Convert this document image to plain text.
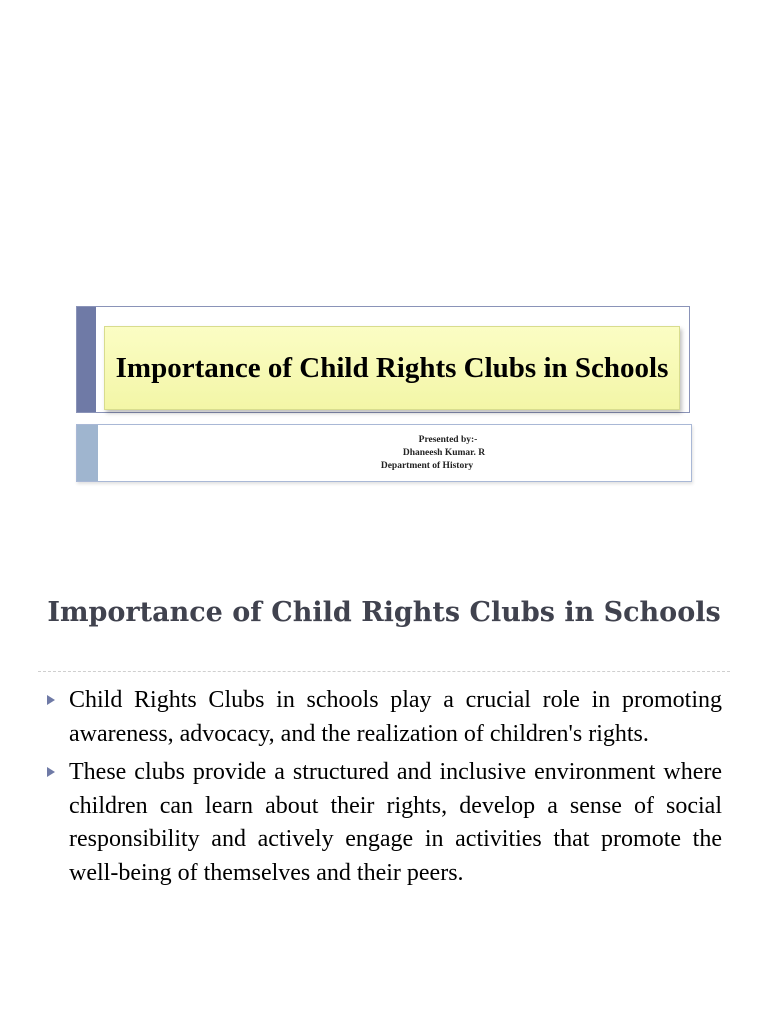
Importance of Child Rights Clubs in Schools
Presented by:-
Dhaneesh Kumar. R
Department of History
Importance of Child Rights Clubs in Schools
Child Rights Clubs in schools play a crucial role in promoting awareness, advocacy, and the realization of children's rights.
These clubs provide a structured and inclusive environment where children can learn about their rights, develop a sense of social responsibility and actively engage in activities that promote the well-being of themselves and their peers.
